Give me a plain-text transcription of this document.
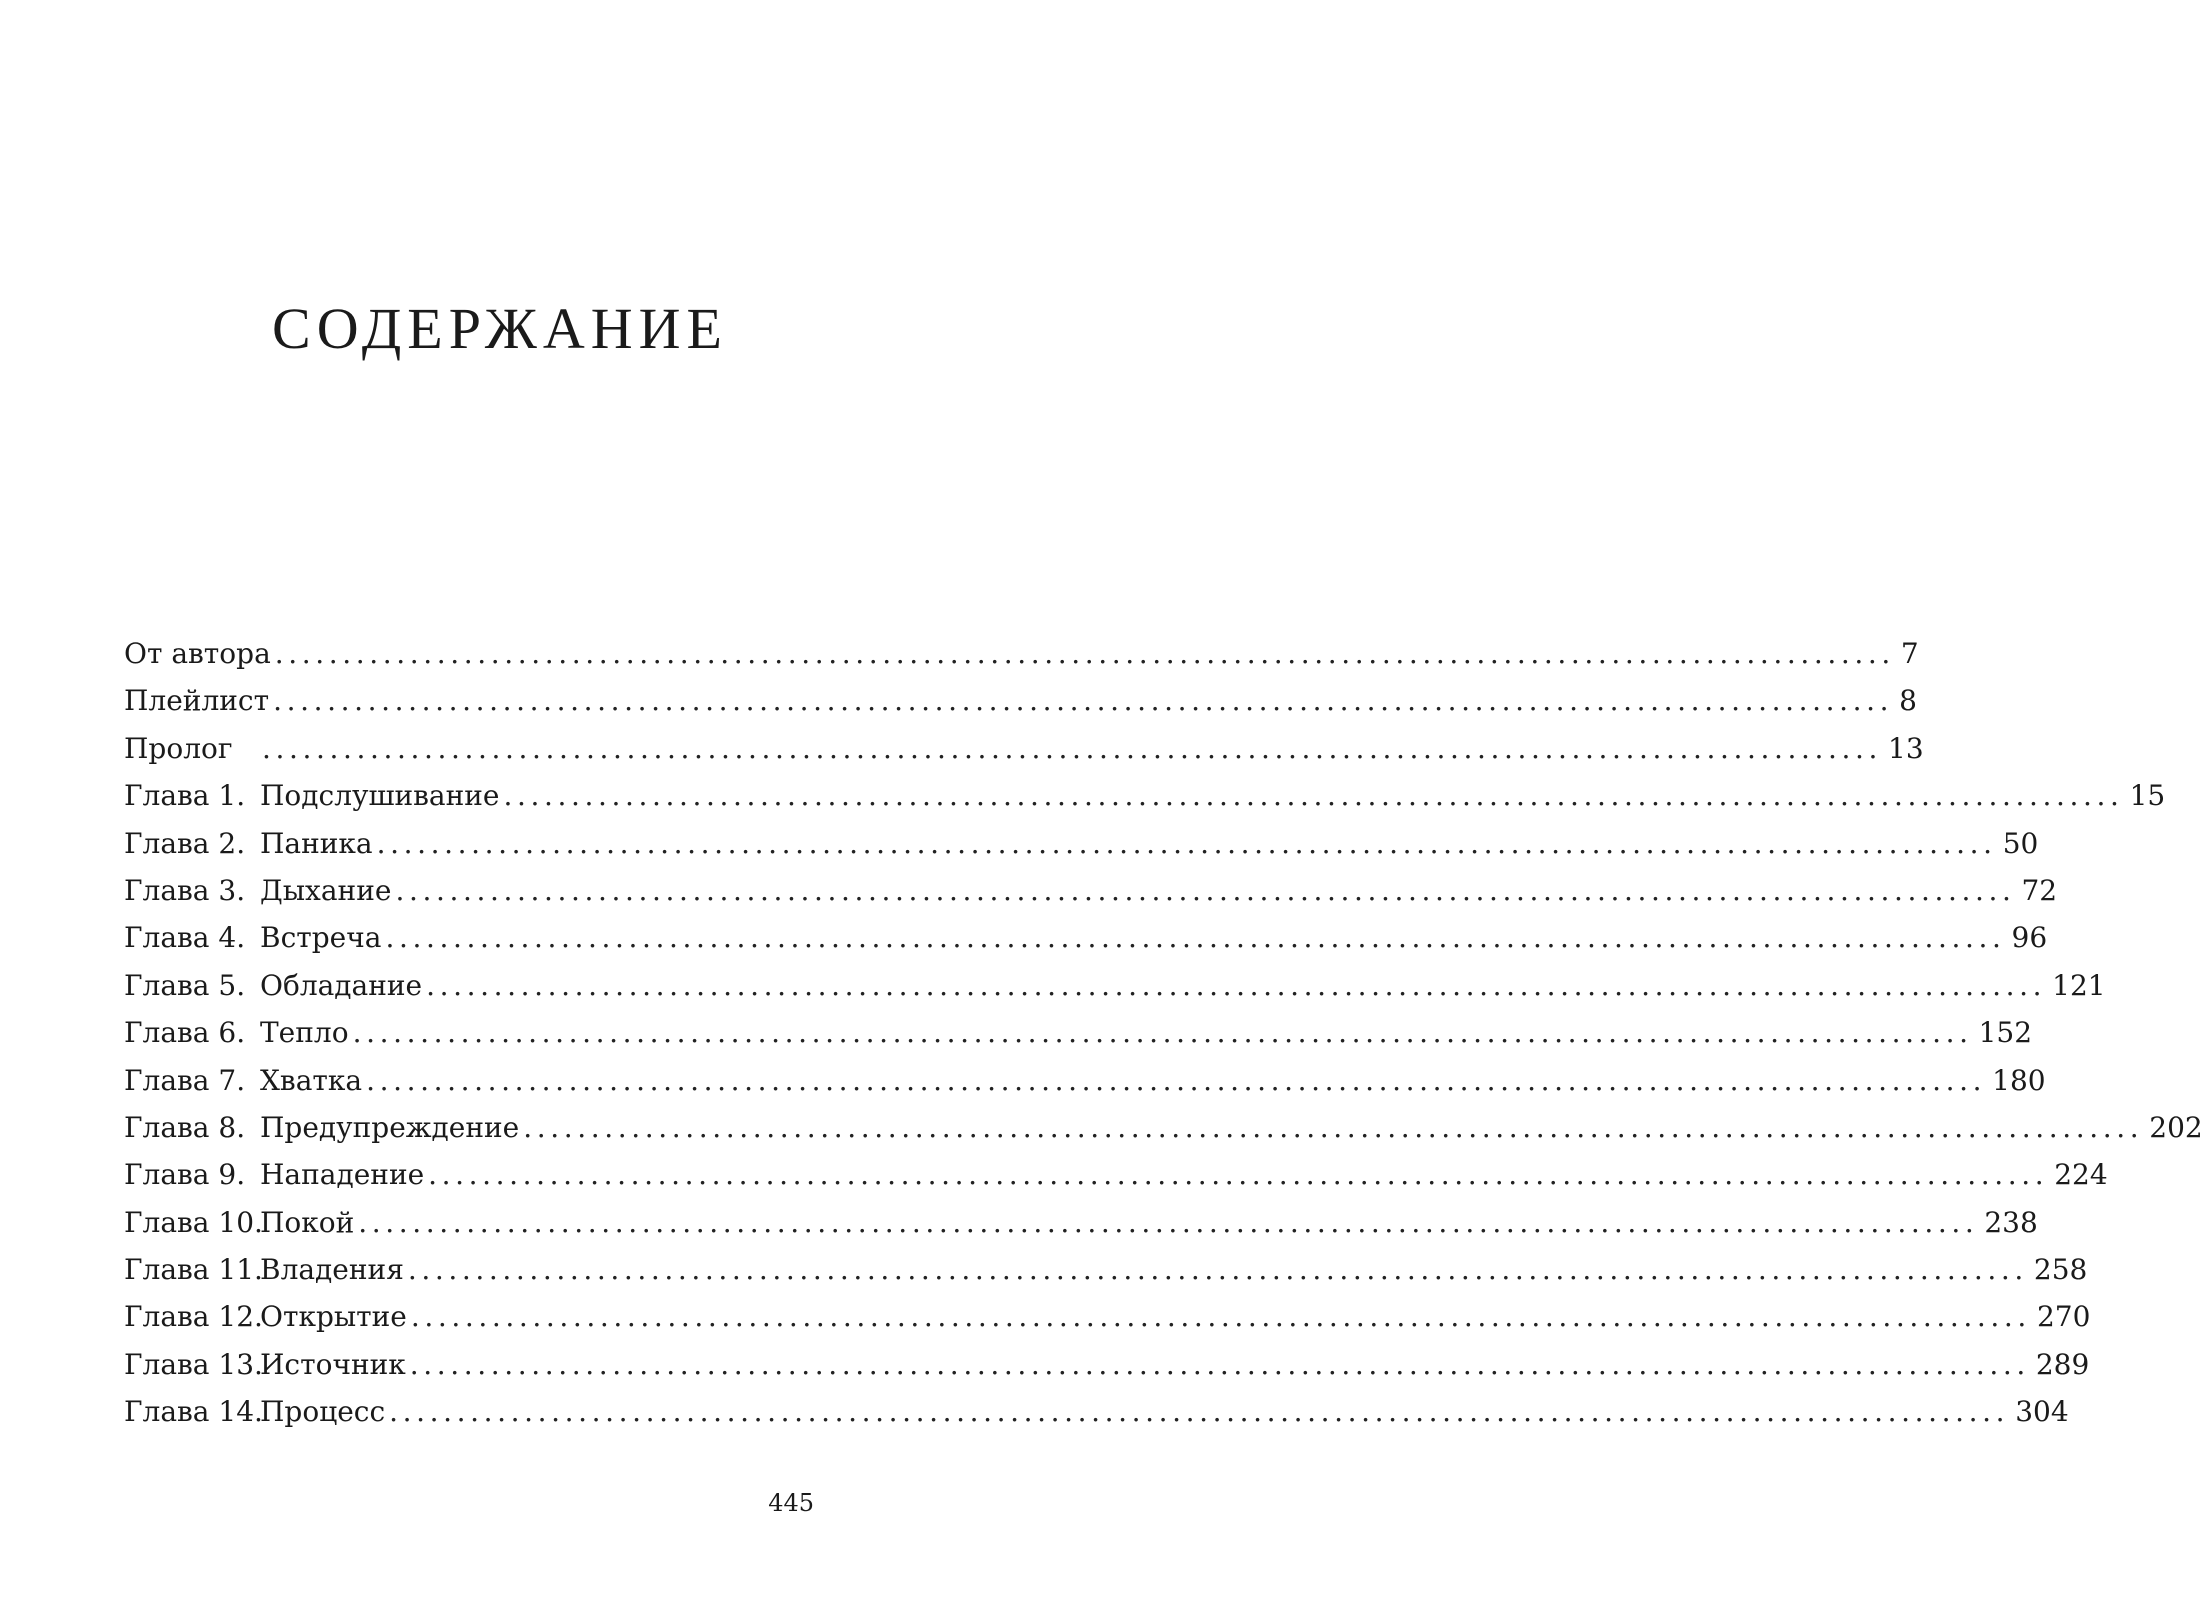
СОДЕРЖАНИЕ
От автора ........................................................................................................................ 7
Плейлист ........................................................................................................................ 8
Пролог	........................................................................................................................ 13
Глава 1. Подслушивание ........................................................................................................................ 15
Глава 2. Паника ........................................................................................................................ 50
Глава 3. Дыхание ........................................................................................................................ 72
Глава 4. Встреча ........................................................................................................................ 96
Глава 5. Обладание ........................................................................................................................ 121
Глава 6. Тепло ........................................................................................................................ 152
Глава 7. Хватка ........................................................................................................................ 180
Глава 8. Предупреждение ........................................................................................................................ 202
Глава 9. Нападение ........................................................................................................................ 224
Глава 10.
Покой ........................................................................................................................ 238
Глава 11.
Владения ........................................................................................................................ 258
Глава 12.
Открытие ........................................................................................................................ 270
Глава 13.
Источник ........................................................................................................................ 289
Глава 14.
Процесс ........................................................................................................................ 304
445
